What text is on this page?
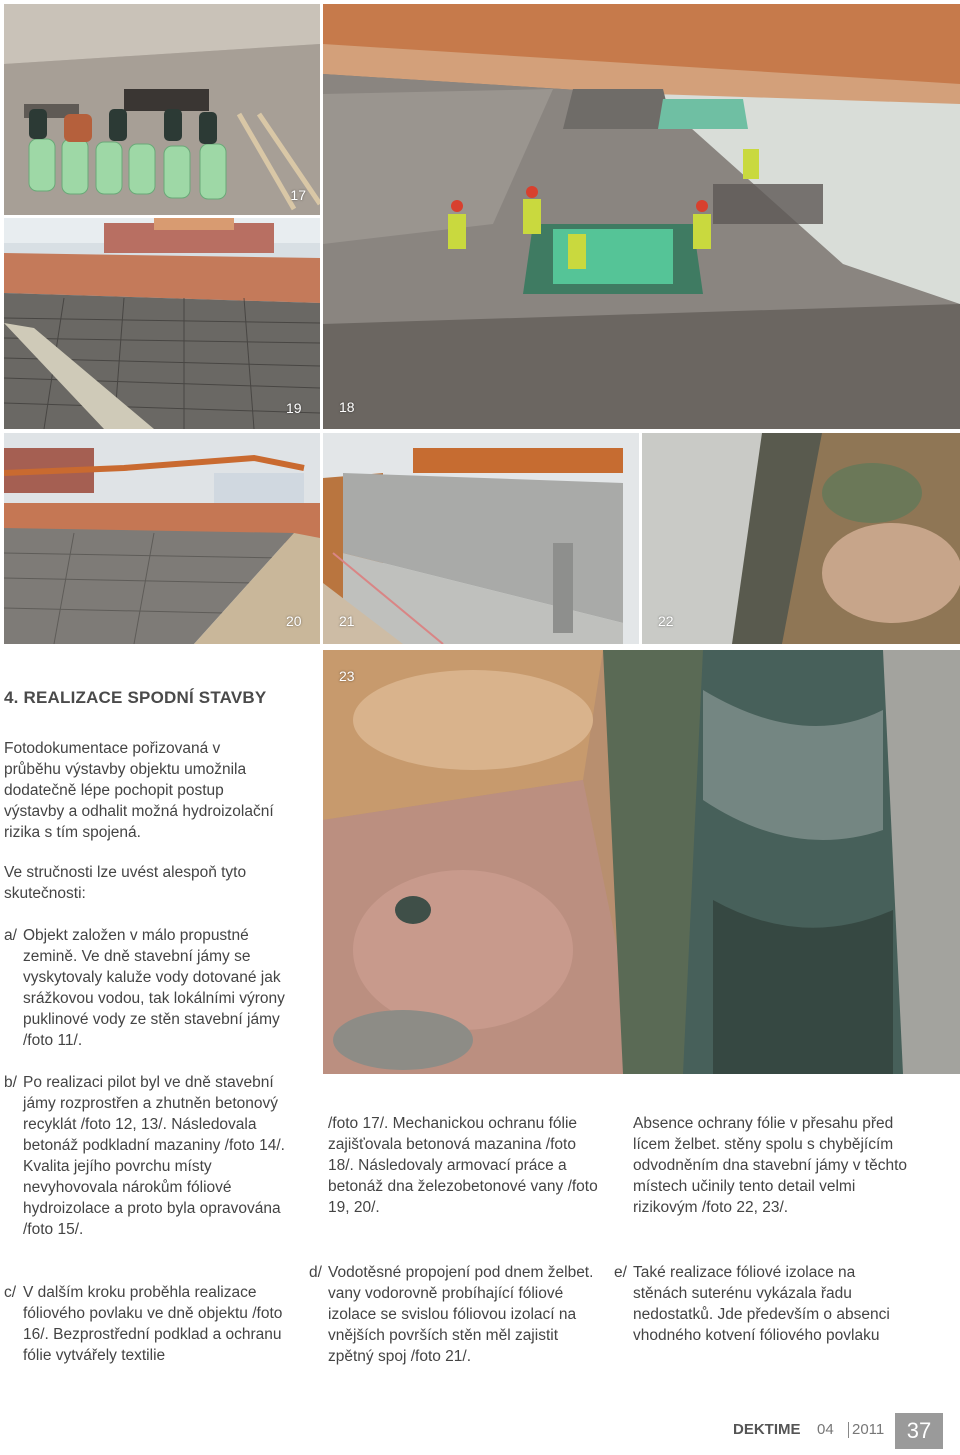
17
18
19
20	21	22
23
4. REALIZACE SPODNÍ STAVBY

Fotodokumentace pořizovaná v průběhu výstavby objektu umožnila dodatečně lépe pochopit postup výstavby a odhalit možná hydroizolační rizika s tím spojená.

Ve stručnosti lze uvést alespoň tyto skutečnosti:

a/ Objekt založen v málo propustné zemině. Ve dně stavební jámy se vyskytovaly kaluže vody dotované jak srážkovou vodou, tak lokálními výrony puklinové vody ze stěn stavební jámy /foto 11/.
b/ Po realizaci pilot byl ve dně stavební jámy rozprostřen a zhutněn betonový recyklát /foto 12, 13/. Následovala betonáž podkladní mazaniny /foto 14/. Kvalita jejího povrchu místy nevyhovovala nárokům fóliové hydroizolace a proto byla opravována /foto 15/.
c/ V dalším kroku proběhla realizace fóliového povlaku ve dně objektu /foto 16/. Bezprostřední podklad a ochranu fólie vytvářely textilie

/foto 17/. Mechanickou ochranu fólie zajišťovala betonová mazanina /foto 18/. Následovaly armovací práce a betonáž dna železobetonové vany /foto 19, 20/.

d/ Vodotěsné propojení pod dnem želbet. vany vodorovně probíhající fóliové izolace se svislou fóliovou izolací na vnějších površích stěn měl zajistit zpětný spoj /foto 21/.

Absence ochrany fólie v přesahu před lícem želbet. stěny spolu s chybějícím odvodněním dna stavební jámy v těchto místech učinily tento detail velmi rizikovým /foto 22, 23/.

e/ Také realizace fóliové izolace na stěnách suterénu vykázala řadu nedostatků. Jde především o absenci vhodného kotvení fóliového povlaku
DEKTIME 04 2011	37
